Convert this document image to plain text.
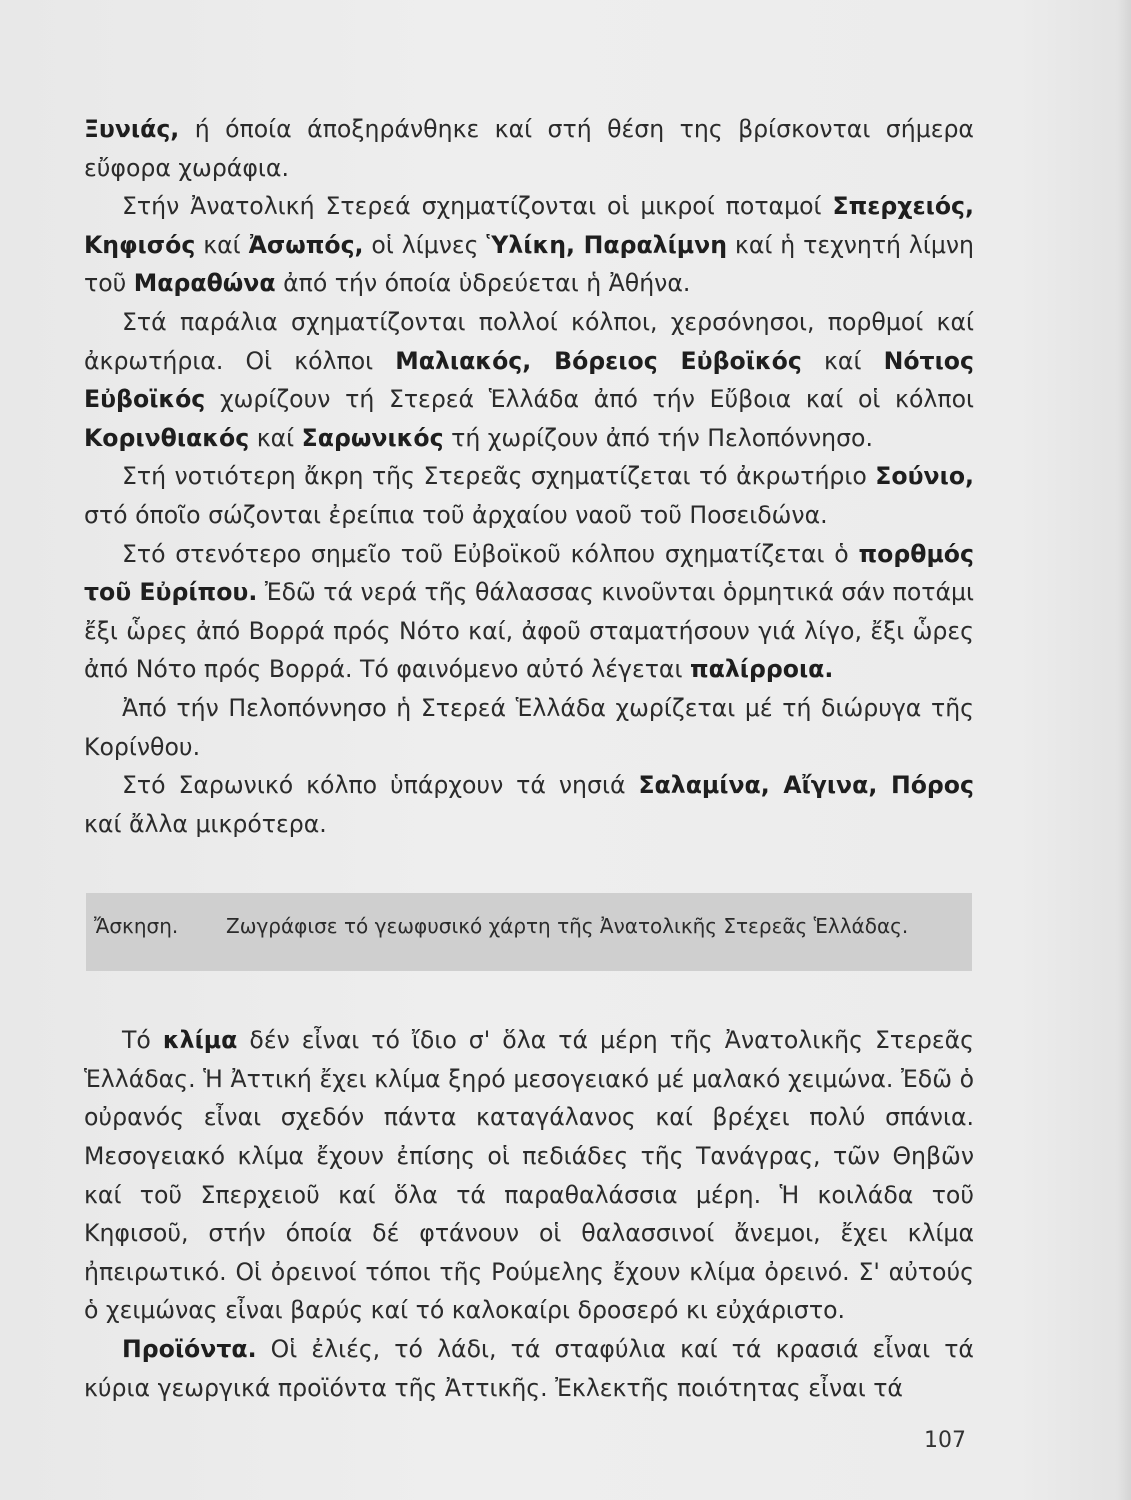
Ξυνιάς, ή όποία άποξηράνθηκε καί στή θέση της βρίσκονται σήμερα εὔφορα χωράφια.

Στήν Ἀνατολική Στερεά σχηματίζονται οἱ μικροί ποταμοί Σπερχειός, Κηφισός καί Ἀσωπός, οἱ λίμνες Ὑλίκη, Παραλίμνη καί ἡ τεχνητή λίμνη τοῦ Μαραθώνα ἀπό τήν όποία ὑδρεύεται ἡ Ἀθήνα.

Στά παράλια σχηματίζονται πολλοί κόλποι, χερσόνησοι, πορθμοί καί ἀκρωτήρια. Οἱ κόλποι Μαλιακός, Βόρειος Εὐβοϊκός καί Νότιος Εὐβοϊκός χωρίζουν τή Στερεά Ἑλλάδα ἀπό τήν Εὔβοια καί οἱ κόλποι Κορινθιακός καί Σαρωνικός τή χωρίζουν ἀπό τήν Πελοπόννησο.

Στή νοτιότερη ἄκρη τῆς Στερεᾶς σχηματίζεται τό ἀκρωτήριο Σούνιο, στό όποῖο σώζονται ἐρείπια τοῦ ἀρχαίου ναοῦ τοῦ Ποσειδώνα.

Στό στενότερο σημεῖο τοῦ Εὐβοϊκοῦ κόλπου σχηματίζεται ὁ πορθμός τοῦ Εὐρίπου. Ἐδῶ τά νερά τῆς θάλασσας κινοῦνται ὁρμητικά σάν ποτάμι ἔξι ὧρες ἀπό Βορρά πρός Νότο καί, ἀφοῦ σταματήσουν γιά λίγο, ἔξι ὧρες ἀπό Νότο πρός Βορρά. Τό φαινόμενο αὐτό λέγεται παλίρροια.

Ἀπό τήν Πελοπόννησο ἡ Στερεά Ἑλλάδα χωρίζεται μέ τή διώρυγα τῆς Κορίνθου.

Στό Σαρωνικό κόλπο ὑπάρχουν τά νησιά Σαλαμίνα, Αἴγινα, Πόρος καί ἄλλα μικρότερα.

Ἄσκηση. Ζωγράφισε τό γεωφυσικό χάρτη τῆς Ἀνατολικῆς Στερεᾶς Ἑλλάδας.

Τό κλίμα δέν εἶναι τό ἴδιο σ' ὅλα τά μέρη τῆς Ἀνατολικῆς Στερεᾶς Ἑλλάδας. Ἡ Ἀττική ἔχει κλίμα ξηρό μεσογειακό μέ μαλακό χειμώνα. Ἐδῶ ὁ οὐρανός εἶναι σχεδόν πάντα καταγάλανος καί βρέχει πολύ σπάνια. Μεσογειακό κλίμα ἔχουν ἐπίσης οἱ πεδιάδες τῆς Τανάγρας, τῶν Θηβῶν καί τοῦ Σπερχειοῦ καί ὅλα τά παραθαλάσσια μέρη. Ἡ κοιλάδα τοῦ Κηφισοῦ, στήν όποία δέ φτάνουν οἱ θαλασσινοί ἄνεμοι, ἔχει κλίμα ἠπειρωτικό. Οἱ ὀρεινοί τόποι τῆς Ρούμελης ἔχουν κλίμα ὀρεινό. Σ' αὐτούς ὁ χειμώνας εἶναι βαρύς καί τό καλοκαίρι δροσερό κι εὐχάριστο.

Προϊόντα. Οἱ ἐλιές, τό λάδι, τά σταφύλια καί τά κρασιά εἶναι τά κύρια γεωργικά προϊόντα τῆς Ἀττικῆς. Ἐκλεκτῆς ποιότητας εἶναι τά

107
